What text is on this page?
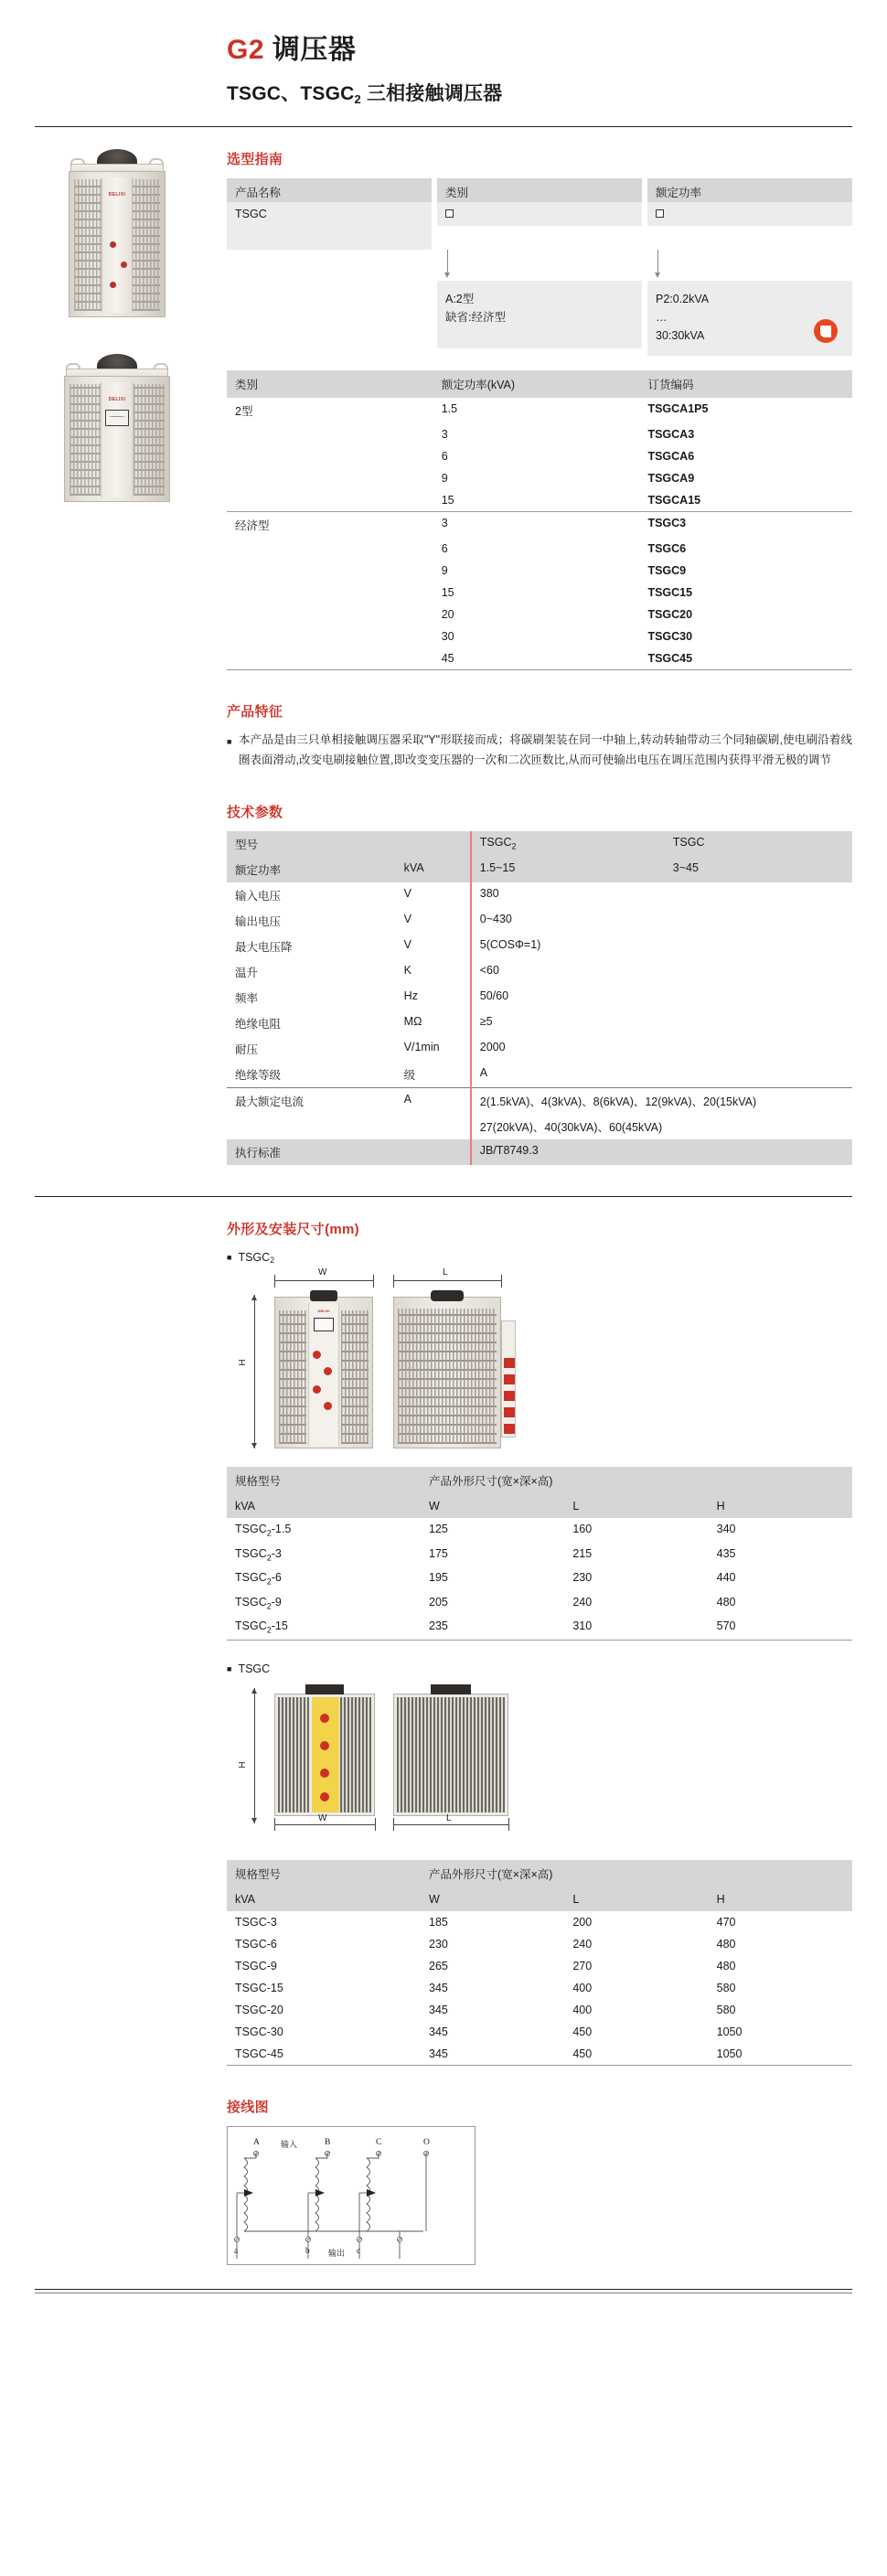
G2 调压器
TSGC、$TSGC_2$ 三相接触调压器
DELIXI
DELIXI
选型指南
产品名称	类别	额定功率
TSGC

A:2型
缺省:经济型
P2:0.2kVA
…
30:30kVA
类别	额定功率(kVA)	订货编码
2型	1.5	TSGCA1P5
	3	TSGCA3
	6	TSGCA6
	9	TSGCA9
	15	TSGCA15
经济型	3	TSGC3
	6	TSGC6
	9	TSGC9
	15	TSGC15
	20	TSGC20
	30	TSGC30
	45	TSGC45
产品特征
■ 本产品是由三只单相接触调压器采取"Y"形联接而成；将碳刷架装在同一中轴上,转动转轴带动三个同轴碳刷,使电刷沿着线圈表面滑动,改变电刷接触位置,即改变变压器的一次和二次匝数比,从而可使输出电压在调压范围内获得平滑无极的调节
技术参数
型号		$TSGC_2$	TSGC
额定功率	kVA	1.5~15	3~45
输入电压	V	380	
输出电压	V	0~430	
最大电压降	V	5(COSΦ=1)	
温升	K	<60	
频率	Hz	50/60	
绝缘电阻	MΩ	≥5	
耐压	V/1min	2000	
绝缘等级	级	A	
最大额定电流	A	2(1.5kVA)、4(3kVA)、8(6kVA)、12(9kVA)、20(15kVA)	
		27(20kVA)、40(30kVA)、60(45kVA)	
执行标准		JB/T8749.3	
外形及安装尺寸(mm)
■ $TSGC_2$
H
W	L
DELIXI
规格型号	产品外形尺寸(宽×深×高)		
kVA	W	L	H
$TSGC_2-1.5$	125	160	340
$TSGC_2-3$	175	215	435
$TSGC_2-6$	195	230	440
$TSGC_2-9$	205	240	480
$TSGC_2-15$	235	310	570
■ TSGC
H
W	L
规格型号	产品外形尺寸(宽×深×高)		
kVA	W	L	H
TSGC-3	185	200	470
TSGC-6	230	240	480
TSGC-9	265	270	480
TSGC-15	345	400	580
TSGC-20	345	400	580
TSGC-30	345	450	1050
TSGC-45	345	450	1050
接线图
A	输入	B	C	O
a	b 输出 c
